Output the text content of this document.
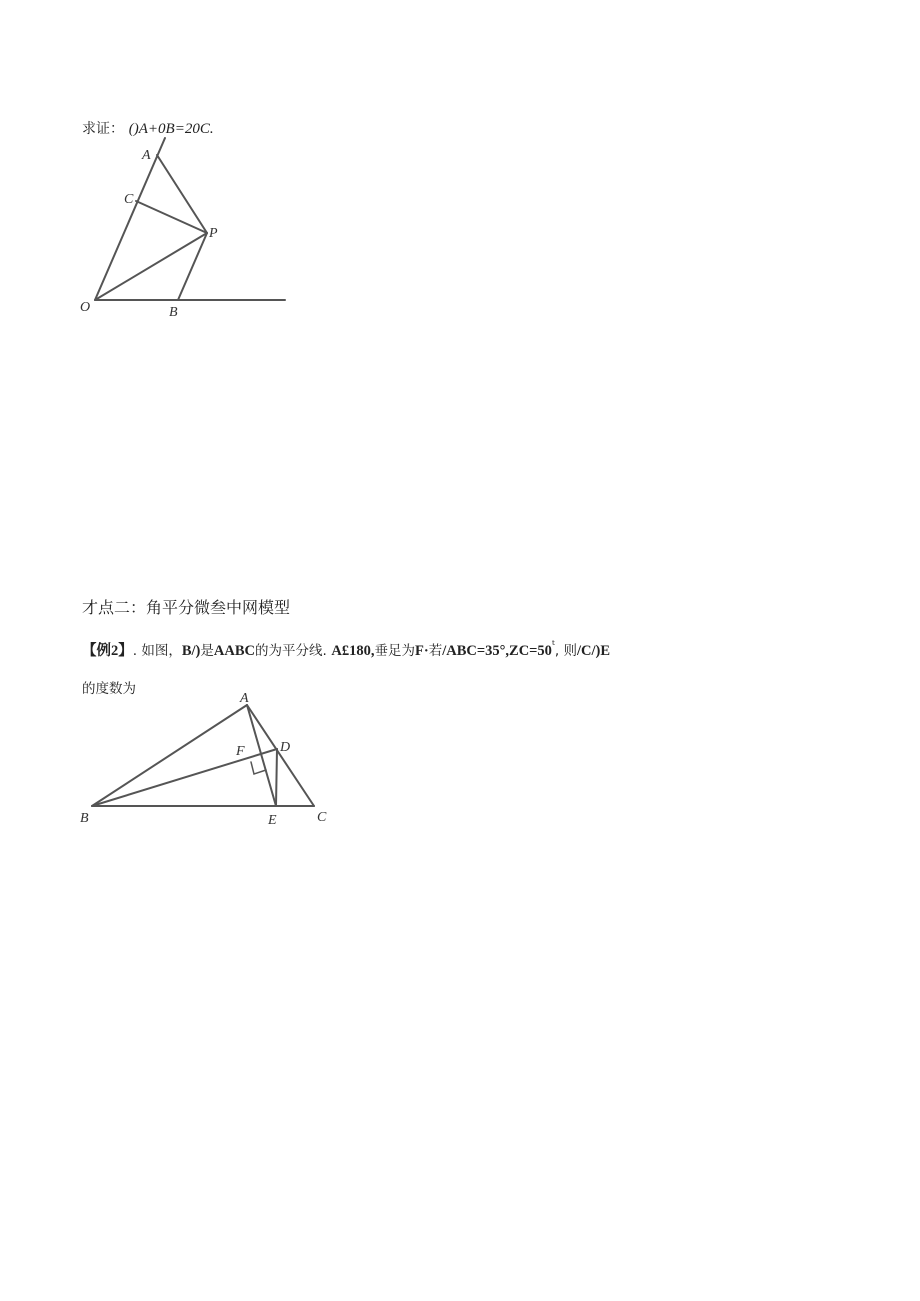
求证： ()A+0B=20C.
A
C
P
O	B
才点二：角平分微叁中网模型
【例2】. 如图，B/)是AABC的为平分线. A£180,垂足为F·若$/ABC=35^\circ,ZC=50^ᵗ$, 则/C/)E
的度数为
A
F	D
B	E	C
